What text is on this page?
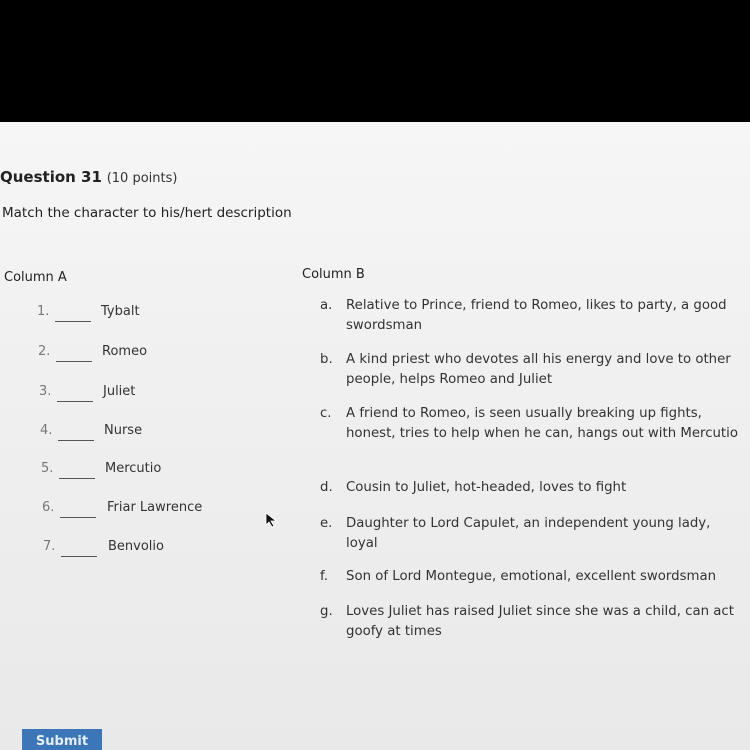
Question 31 (10 points)
Match the character to his/hert description
Column A	Column B
1.	Tybalt
2.	Romeo
3.	Juliet
4.	Nurse
5.	Mercutio
6.	Friar Lawrence
7.	Benvolio
a. Relative to Prince, friend to Romeo, likes to party, a good swordsman
b. A kind priest who devotes all his energy and love to other people, helps Romeo and Juliet
c. A friend to Romeo, is seen usually breaking up fights, honest, tries to help when he can, hangs out with Mercutio
d. Cousin to Juliet, hot-headed, loves to fight
e. Daughter to Lord Capulet, an independent young lady, loyal
f. Son of Lord Montegue, emotional, excellent swordsman
g. Loves Juliet has raised Juliet since she was a child, can act goofy at times
Submit
